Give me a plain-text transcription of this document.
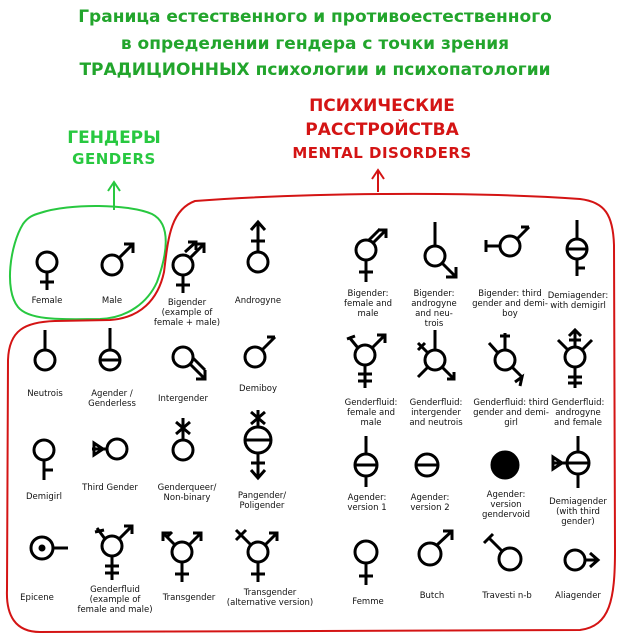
Граница естественного и противоестественного
в определении гендера с точки зрения
ТРАДИЦИОННЫХ психологии и психопатологии
ГЕНДЕРЫ
GENDERS
ПСИХИЧЕСКИЕ
РАССТРОЙСТВА
MENTAL DISORDERS
Female	Male	Bigender
(example of
female + male)
Androgyne
Neutrois	Agender /
Genderless	Intergender
Demiboy
Demigirl
Third Gender	Genderqueer/
Non-binary	Pangender/
Poligender
Epicene
Genderfluid
(example of
female and male)
Transgender	Transgender
(alternative version)
Bigender:
female and
male
Bigender:
androgyne
and neu-
trois
Bigender: third
gender and demi-
boy
Demiagender:
with demigirl
Genderfluid:
female and
male
Genderfluid:
intergender
and neutrois
Genderfluid: third
gender and demi-
girl
Genderfluid:
androgyne
and female
Agender:
version 1
Agender:
version 2
Agender:
version
gendervoid
Demiagender
(with third
gender)
Femme
Butch	Travesti n-b	Aliagender
